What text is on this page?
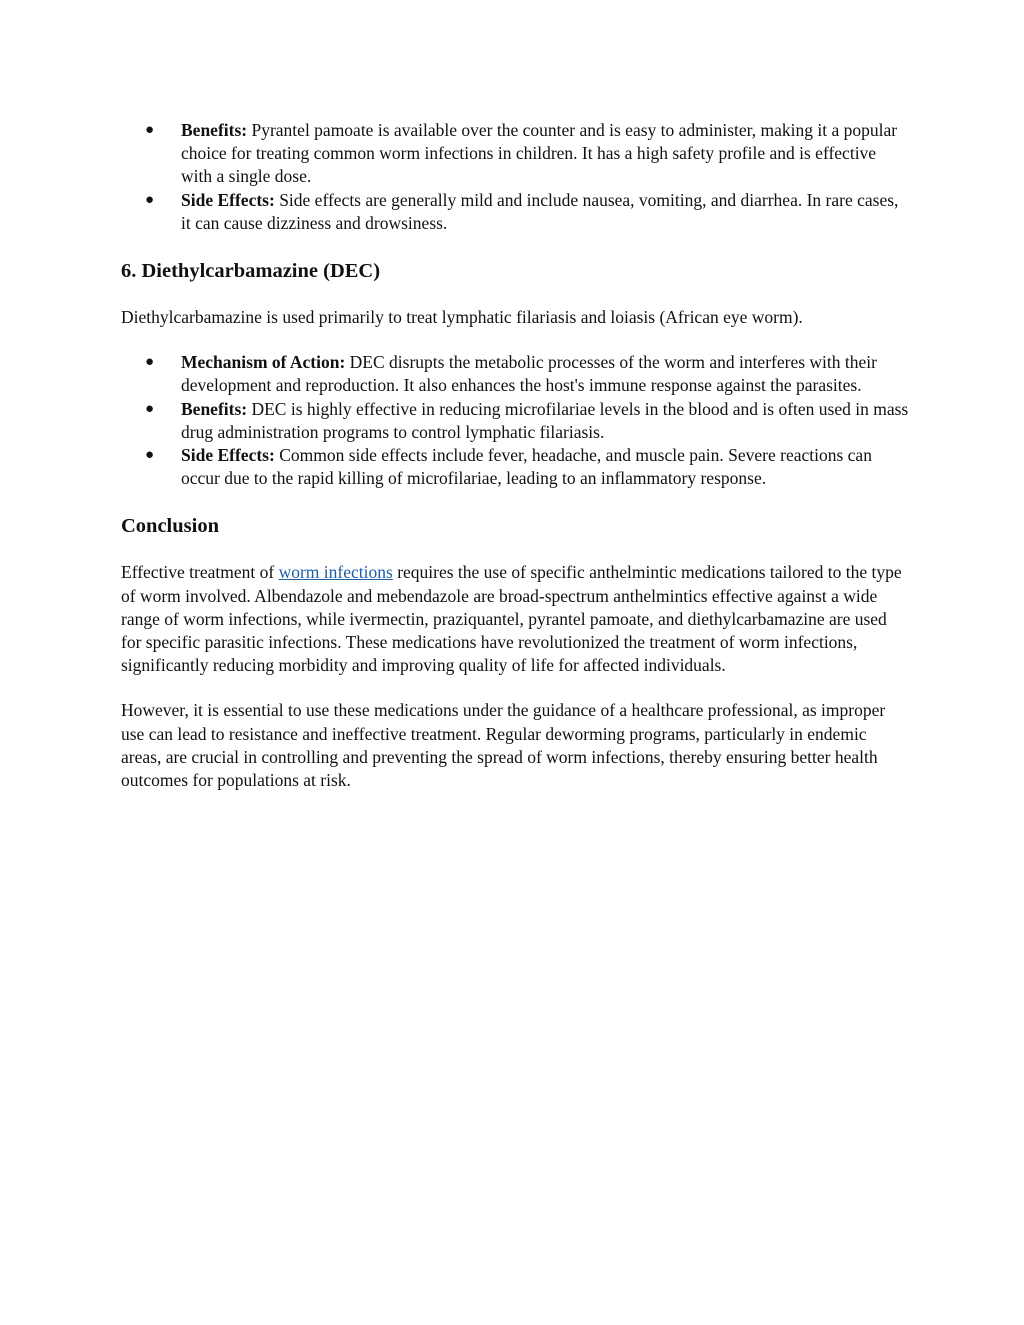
● Benefits: Pyrantel pamoate is available over the counter and is easy to administer, making it a popular choice for treating common worm infections in children. It has a high safety profile and is effective with a single dose.
● Side Effects: Side effects are generally mild and include nausea, vomiting, and diarrhea. In rare cases, it can cause dizziness and drowsiness.
6. Diethylcarbamazine (DEC)

Diethylcarbamazine is used primarily to treat lymphatic filariasis and loiasis (African eye worm).

● Mechanism of Action: DEC disrupts the metabolic processes of the worm and interferes with their development and reproduction. It also enhances the host's immune response against the parasites.
● Benefits: DEC is highly effective in reducing microfilariae levels in the blood and is often used in mass drug administration programs to control lymphatic filariasis.
● Side Effects: Common side effects include fever, headache, and muscle pain. Severe reactions can occur due to the rapid killing of microfilariae, leading to an inflammatory response.
Conclusion

Effective treatment of worm infections requires the use of specific anthelmintic medications tailored to the type of worm involved. Albendazole and mebendazole are broad-spectrum anthelmintics effective against a wide range of worm infections, while ivermectin, praziquantel, pyrantel pamoate, and diethylcarbamazine are used for specific parasitic infections. These medications have revolutionized the treatment of worm infections, significantly reducing morbidity and improving quality of life for affected individuals.

However, it is essential to use these medications under the guidance of a healthcare professional, as improper use can lead to resistance and ineffective treatment. Regular deworming programs, particularly in endemic areas, are crucial in controlling and preventing the spread of worm infections, thereby ensuring better health outcomes for populations at risk.
